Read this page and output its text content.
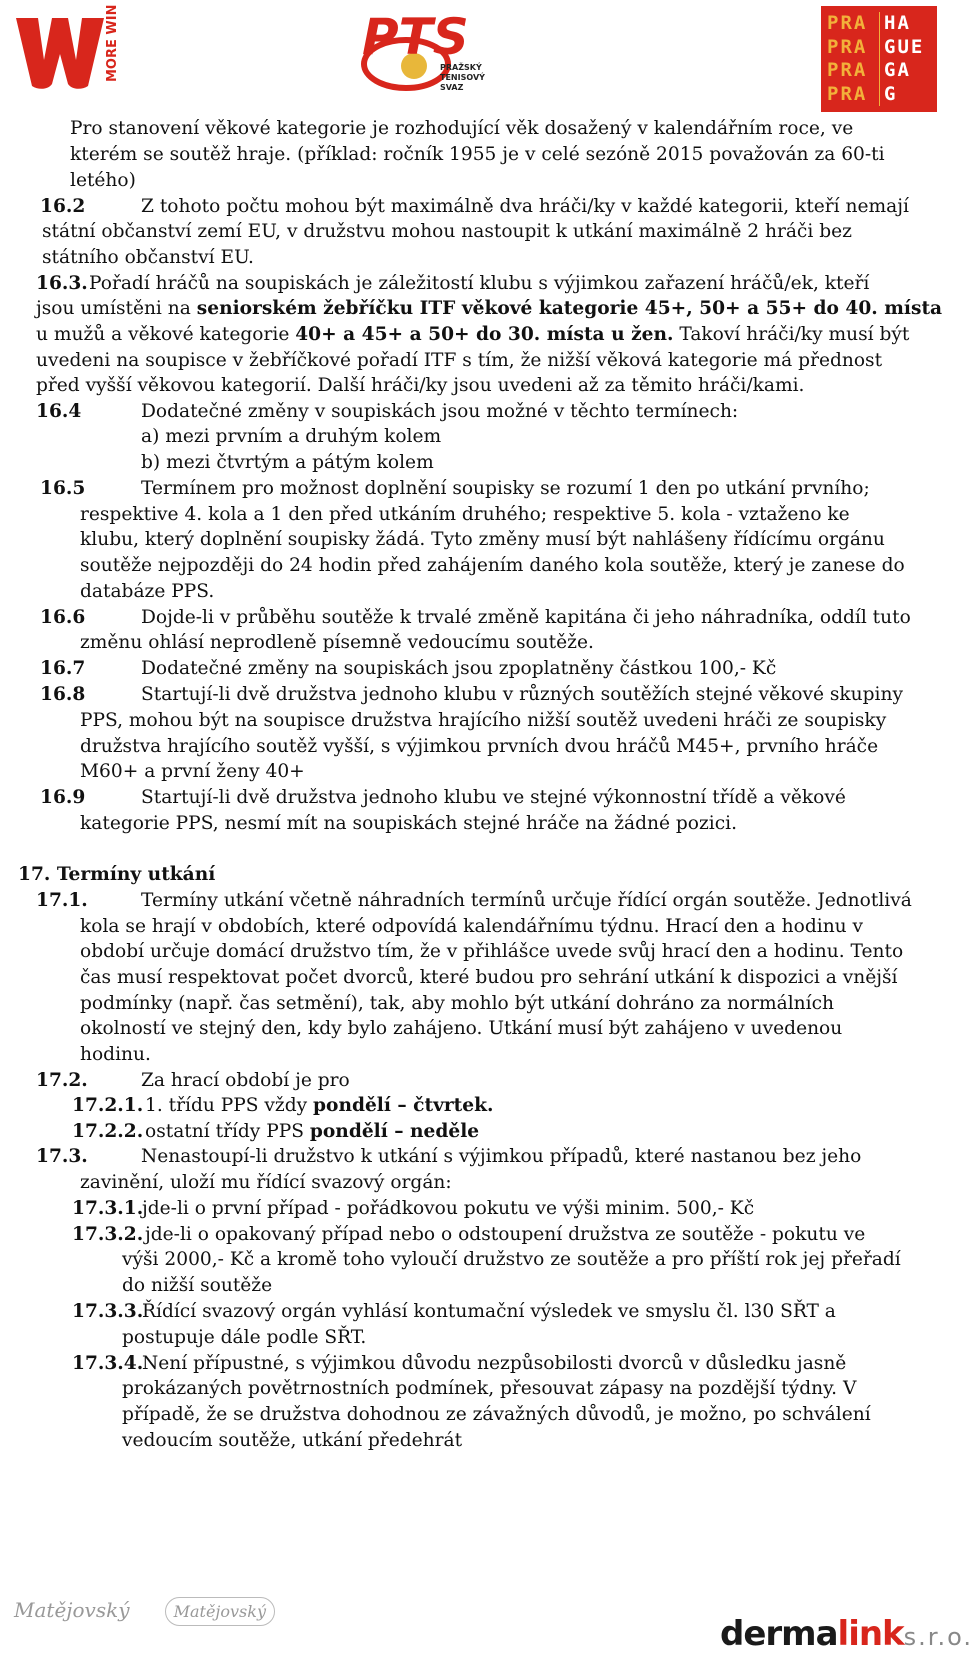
MORE WIN	PTS
PRAŽSKÝ
TENISOVÝ
SVAZ
PRA HA
PRA GUE
PRA GA
PRA G
Pro stanovení věkové kategorie je rozhodující věk dosažený v kalendářním roce, ve
kterém se soutěž hraje. (příklad: ročník 1955 je v celé sezóně 2015 považován za 60-ti
letého)
16.2	Z tohoto počtu mohou být maximálně dva hráči/ky v každé kategorii, kteří nemají
státní občanství zemí EU, v družstvu mohou nastoupit k utkání maximálně 2 hráči bez
státního občanství EU.
16.3. Pořadí hráčů na soupiskách je záležitostí klubu s výjimkou zařazení hráčů/ek, kteří
jsou umístěni na seniorském žebříčku ITF věkové kategorie 45+, 50+ a 55+ do 40. místa
u mužů a věkové kategorie 40+ a 45+ a 50+ do 30. místa u žen. Takoví hráči/ky musí být
uvedeni na soupisce v žebříčkové pořadí ITF s tím, že nižší věková kategorie má přednost
před vyšší věkovou kategorií. Další hráči/ky jsou uvedeni až za těmito hráči/kami.
16.4	Dodatečné změny v soupiskách jsou možné v těchto termínech:
a) mezi prvním a druhým kolem
b) mezi čtvrtým a pátým kolem
16.5	Termínem pro možnost doplnění soupisky se rozumí 1 den po utkání prvního;
respektive 4. kola a 1 den před utkáním druhého; respektive 5. kola - vztaženo ke
klubu, který doplnění soupisky žádá. Tyto změny musí být nahlášeny řídícímu orgánu
soutěže nejpozději do 24 hodin před zahájením daného kola soutěže, který je zanese do
databáze PPS.
16.6	Dojde-li v průběhu soutěže k trvalé změně kapitána či jeho náhradníka, oddíl tuto
změnu ohlásí neprodleně písemně vedoucímu soutěže.
16.7	Dodatečné změny na soupiskách jsou zpoplatněny částkou 100,- Kč
16.8	Startují-li dvě družstva jednoho klubu v různých soutěžích stejné věkové skupiny
PPS, mohou být na soupisce družstva hrajícího nižší soutěž uvedeni hráči ze soupisky
družstva hrajícího soutěž vyšší, s výjimkou prvních dvou hráčů M45+, prvního hráče
M60+ a první ženy 40+
16.9	Startují-li dvě družstva jednoho klubu ve stejné výkonnostní třídě a věkové
kategorie PPS, nesmí mít na soupiskách stejné hráče na žádné pozici.
17. Termíny utkání
17.1.	Termíny utkání včetně náhradních termínů určuje řídící orgán soutěže. Jednotlivá
kola se hrají v obdobích, které odpovídá kalendářnímu týdnu. Hrací den a hodinu v
období určuje domácí družstvo tím, že v přihlášce uvede svůj hrací den a hodinu. Tento
čas musí respektovat počet dvorců, které budou pro sehrání utkání k dispozici a vnější
podmínky (např. čas setmění), tak, aby mohlo být utkání dohráno za normálních
okolností ve stejný den, kdy bylo zahájeno. Utkání musí být zahájeno v uvedenou
hodinu.
17.2.	Za hrací období je pro
17.2.1. 1. třídu PPS vždy pondělí – čtvrtek.
17.2.2. ostatní třídy PPS pondělí – neděle
17.3.	Nenastoupí-li družstvo k utkání s výjimkou případů, které nastanou bez jeho
zavinění, uloží mu řídící svazový orgán:
17.3.1.
jde-li o první případ - pořádkovou pokutu ve výši minim. 500,- Kč
17.3.2. jde-li o opakovaný případ nebo o odstoupení družstva ze soutěže - pokutu ve
výši 2000,- Kč a kromě toho vyloučí družstvo ze soutěže a pro příští rok jej přeřadí
do nižší soutěže
17.3.3.
Řídící svazový orgán vyhlásí kontumační výsledek ve smyslu čl. l30 SŘT a
postupuje dále podle SŘT.
17.3.4.
Není přípustné, s výjimkou důvodu nezpůsobilosti dvorců v důsledku jasně
prokázaných povětrnostních podmínek, přesouvat zápasy na pozdější týdny. V
případě, že se družstva dohodnou ze závažných důvodů, je možno, po schválení
vedoucím soutěže, utkání předehrát
Matějovský	Matějovský
dermalinks.r.o.
